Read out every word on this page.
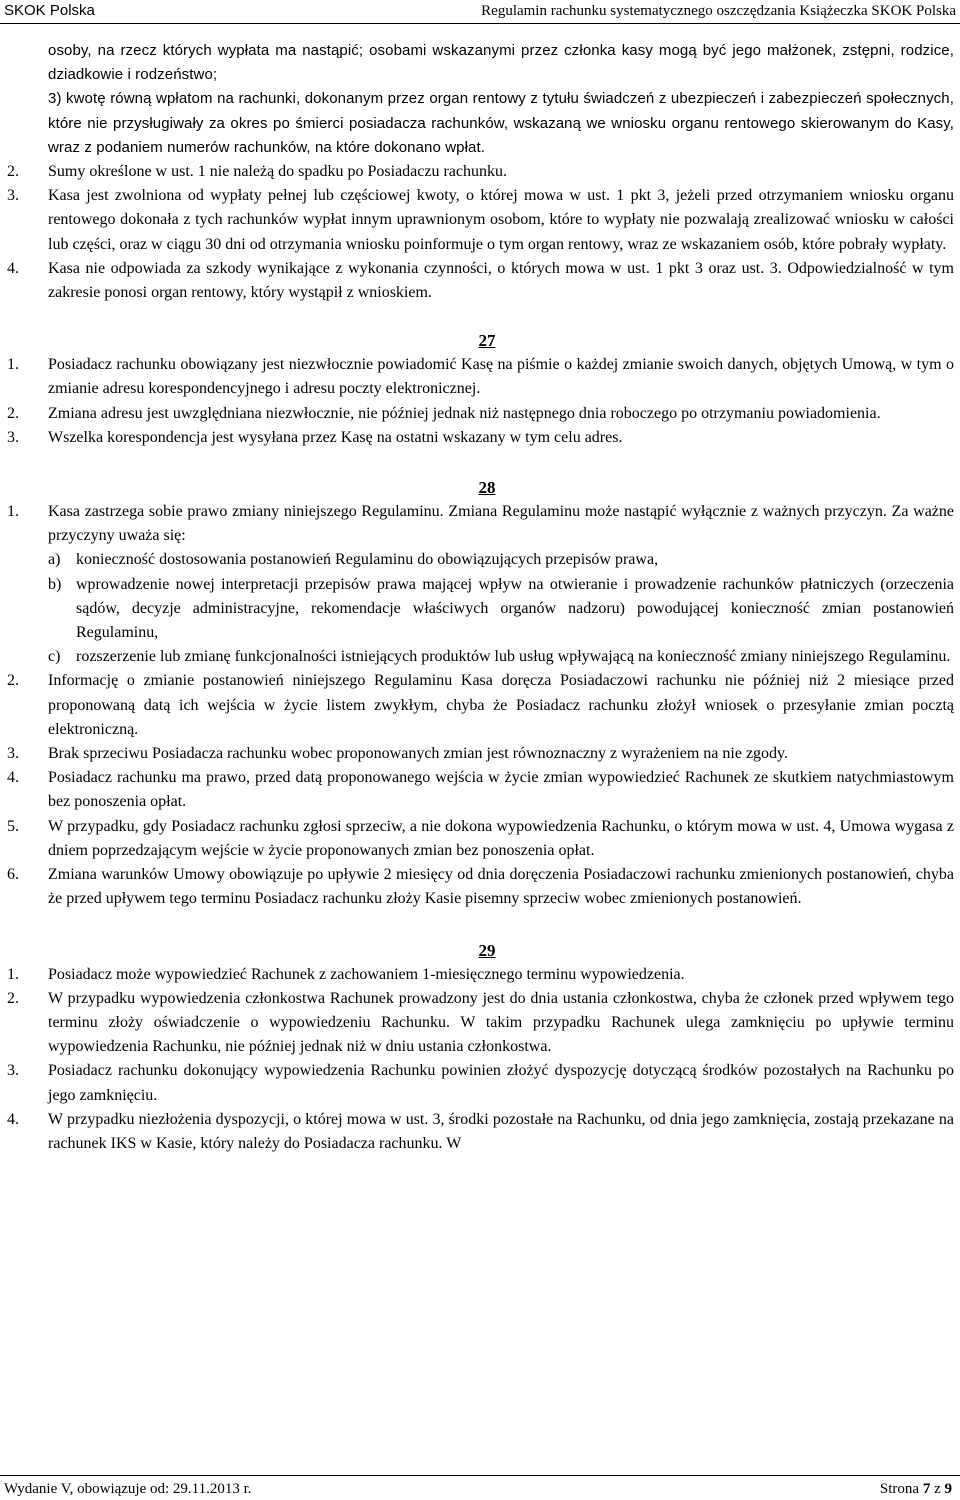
SKOK Polska	Regulamin rachunku systematycznego oszczędzania Książeczka SKOK Polska
osoby, na rzecz których wypłata ma nastąpić; osobami wskazanymi przez członka kasy mogą być jego małżonek, zstępni, rodzice, dziadkowie i rodzeństwo;
3) kwotę równą wpłatom na rachunki, dokonanym przez organ rentowy z tytułu świadczeń z ubezpieczeń i zabezpieczeń społecznych, które nie przysługiwały za okres po śmierci posiadacza rachunków, wskazaną we wniosku organu rentowego skierowanym do Kasy, wraz z podaniem numerów rachunków, na które dokonano wpłat.
2. Sumy określone w ust. 1 nie należą do spadku po Posiadaczu rachunku.
3. Kasa jest zwolniona od wypłaty pełnej lub częściowej kwoty, o której mowa w ust. 1 pkt 3, jeżeli przed otrzymaniem wniosku organu rentowego dokonała z tych rachunków wypłat innym uprawnionym osobom, które to wypłaty nie pozwalają zrealizować wniosku w całości lub części, oraz w ciągu 30 dni od otrzymania wniosku poinformuje o tym organ rentowy, wraz ze wskazaniem osób, które pobrały wypłaty.
4. Kasa nie odpowiada za szkody wynikające z wykonania czynności, o których mowa w ust. 1 pkt 3 oraz ust. 3. Odpowiedzialność w tym zakresie ponosi organ rentowy, który wystąpił z wnioskiem.
27
1. Posiadacz rachunku obowiązany jest niezwłocznie powiadomić Kasę na piśmie o każdej zmianie swoich danych, objętych Umową, w tym o zmianie adresu korespondencyjnego i adresu poczty elektronicznej.
2. Zmiana adresu jest uwzględniana niezwłocznie, nie później jednak niż następnego dnia roboczego po otrzymaniu powiadomienia.
3. Wszelka korespondencja jest wysyłana przez Kasę na ostatni wskazany w tym celu adres.
28
1. Kasa zastrzega sobie prawo zmiany niniejszego Regulaminu. Zmiana Regulaminu może nastąpić wyłącznie z ważnych przyczyn. Za ważne przyczyny uważa się:
a) konieczność dostosowania postanowień Regulaminu do obowiązujących przepisów prawa,
b) wprowadzenie nowej interpretacji przepisów prawa mającej wpływ na otwieranie i prowadzenie rachunków płatniczych (orzeczenia sądów, decyzje administracyjne, rekomendacje właściwych organów nadzoru) powodującej konieczność zmian postanowień Regulaminu,
c) rozszerzenie lub zmianę funkcjonalności istniejących produktów lub usług wpływającą na konieczność zmiany niniejszego Regulaminu.
2. Informację o zmianie postanowień niniejszego Regulaminu Kasa doręcza Posiadaczowi rachunku nie później niż 2 miesiące przed proponowaną datą ich wejścia w życie listem zwykłym, chyba że Posiadacz rachunku złożył wniosek o przesyłanie zmian pocztą elektroniczną.
3. Brak sprzeciwu Posiadacza rachunku wobec proponowanych zmian jest równoznaczny z wyrażeniem na nie zgody.
4. Posiadacz rachunku ma prawo, przed datą proponowanego wejścia w życie zmian wypowiedzieć Rachunek ze skutkiem natychmiastowym bez ponoszenia opłat.
5. W przypadku, gdy Posiadacz rachunku zgłosi sprzeciw, a nie dokona wypowiedzenia Rachunku, o którym mowa w ust. 4, Umowa wygasa z dniem poprzedzającym wejście w życie proponowanych zmian bez ponoszenia opłat.
6. Zmiana warunków Umowy obowiązuje po upływie 2 miesięcy od dnia doręczenia Posiadaczowi rachunku zmienionych postanowień, chyba że przed upływem tego terminu Posiadacz rachunku złoży Kasie pisemny sprzeciw wobec zmienionych postanowień.
29
1. Posiadacz może wypowiedzieć Rachunek z zachowaniem 1-miesięcznego terminu wypowiedzenia.
2. W przypadku wypowiedzenia członkostwa Rachunek prowadzony jest do dnia ustania członkostwa, chyba że członek przed wpływem tego terminu złoży oświadczenie o wypowiedzeniu Rachunku. W takim przypadku Rachunek ulega zamknięciu po upływie terminu wypowiedzenia Rachunku, nie później jednak niż w dniu ustania członkostwa.
3. Posiadacz rachunku dokonujący wypowiedzenia Rachunku powinien złożyć dyspozycję dotyczącą środków pozostałych na Rachunku po jego zamknięciu.
4. W przypadku niezłożenia dyspozycji, o której mowa w ust. 3, środki pozostałe na Rachunku, od dnia jego zamknięcia, zostają przekazane na rachunek IKS w Kasie, który należy do Posiadacza rachunku. W
Wydanie V, obowiązuje od: 29.11.2013 r.	Strona 7 z 9
